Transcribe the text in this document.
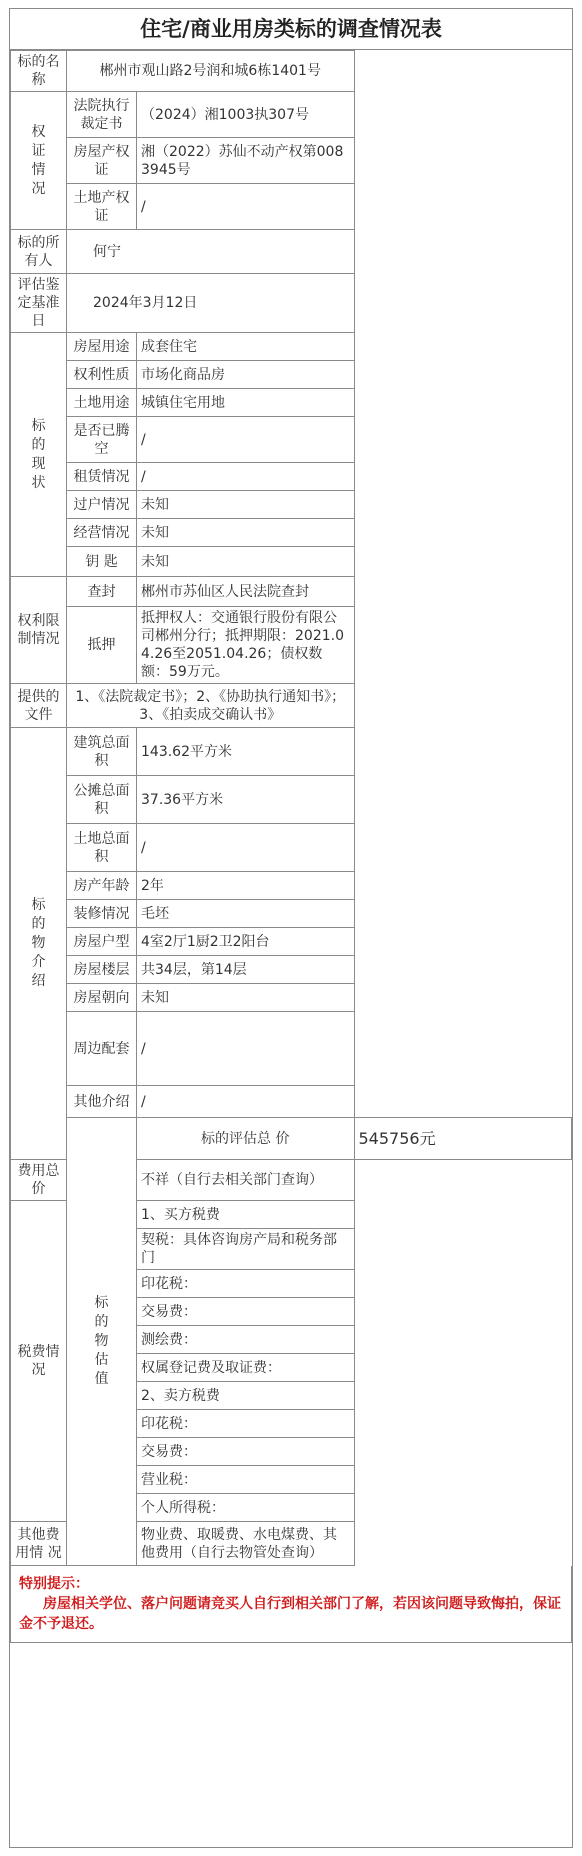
住宅/商业用房类标的调查情况表
标的名称	郴州市观山路2号润和城6栋1401号		

权
证
情
况	法院执行裁定书	（2024）湘1003执307号	
	房屋产权证	湘（2022）苏仙不动产权第0083945号	
	土地产权证	/	
标的所有人	何宁		
评估鉴定基准日	2024年3月12日		

标
的
现
状	房屋用途	成套住宅	
	权利性质	市场化商品房	
	土地用途	城镇住宅用地	
	是否已腾空	/	
	租赁情况	/	
	过户情况	未知	
	经营情况	未知	
	钥 匙	未知	
权利限制情况	查封	郴州市苏仙区人民法院查封	
	抵押	抵押权人：交通银行股份有限公司郴州分行；抵押期限：2021.04.26至2051.04.26；债权数额：59万元。	
提供的文件	1、《法院裁定书》；2、《协助执行通知书》；3、《拍卖成交确认书》		

标
的
物
介
绍	建筑总面积	143.62平方米	
	公摊总面积	37.36平方米	
	土地总面积	/	
	房产年龄	2年	
	装修情况	毛坯	
	房屋户型	4室2厅1厨2卫2阳台	
	房屋楼层	共34层，第14层	
	房屋朝向	未知	
	周边配套	/	
	其他介绍	/	

	标
的
物
估
值	标的评估总 价	545756元
费用总价		不祥（自行去相关部门查询）	
税费情况		1、买方税费	
		契税：具体咨询房产局和税务部门	
		印花税：	
		交易费：	
		测绘费：	
		权属登记费及取证费：	
		2、卖方税费	
		印花税：	
		交易费：	
		营业税：	
		个人所得税：	
其他费用情 况		物业费、取暖费、水电煤费、其他费用（自行去物管处查询）	
特别提示：
房屋相关学位、落户问题请竞买人自行到相关部门了解，若因该问题导致悔拍，保证金不予退还。
